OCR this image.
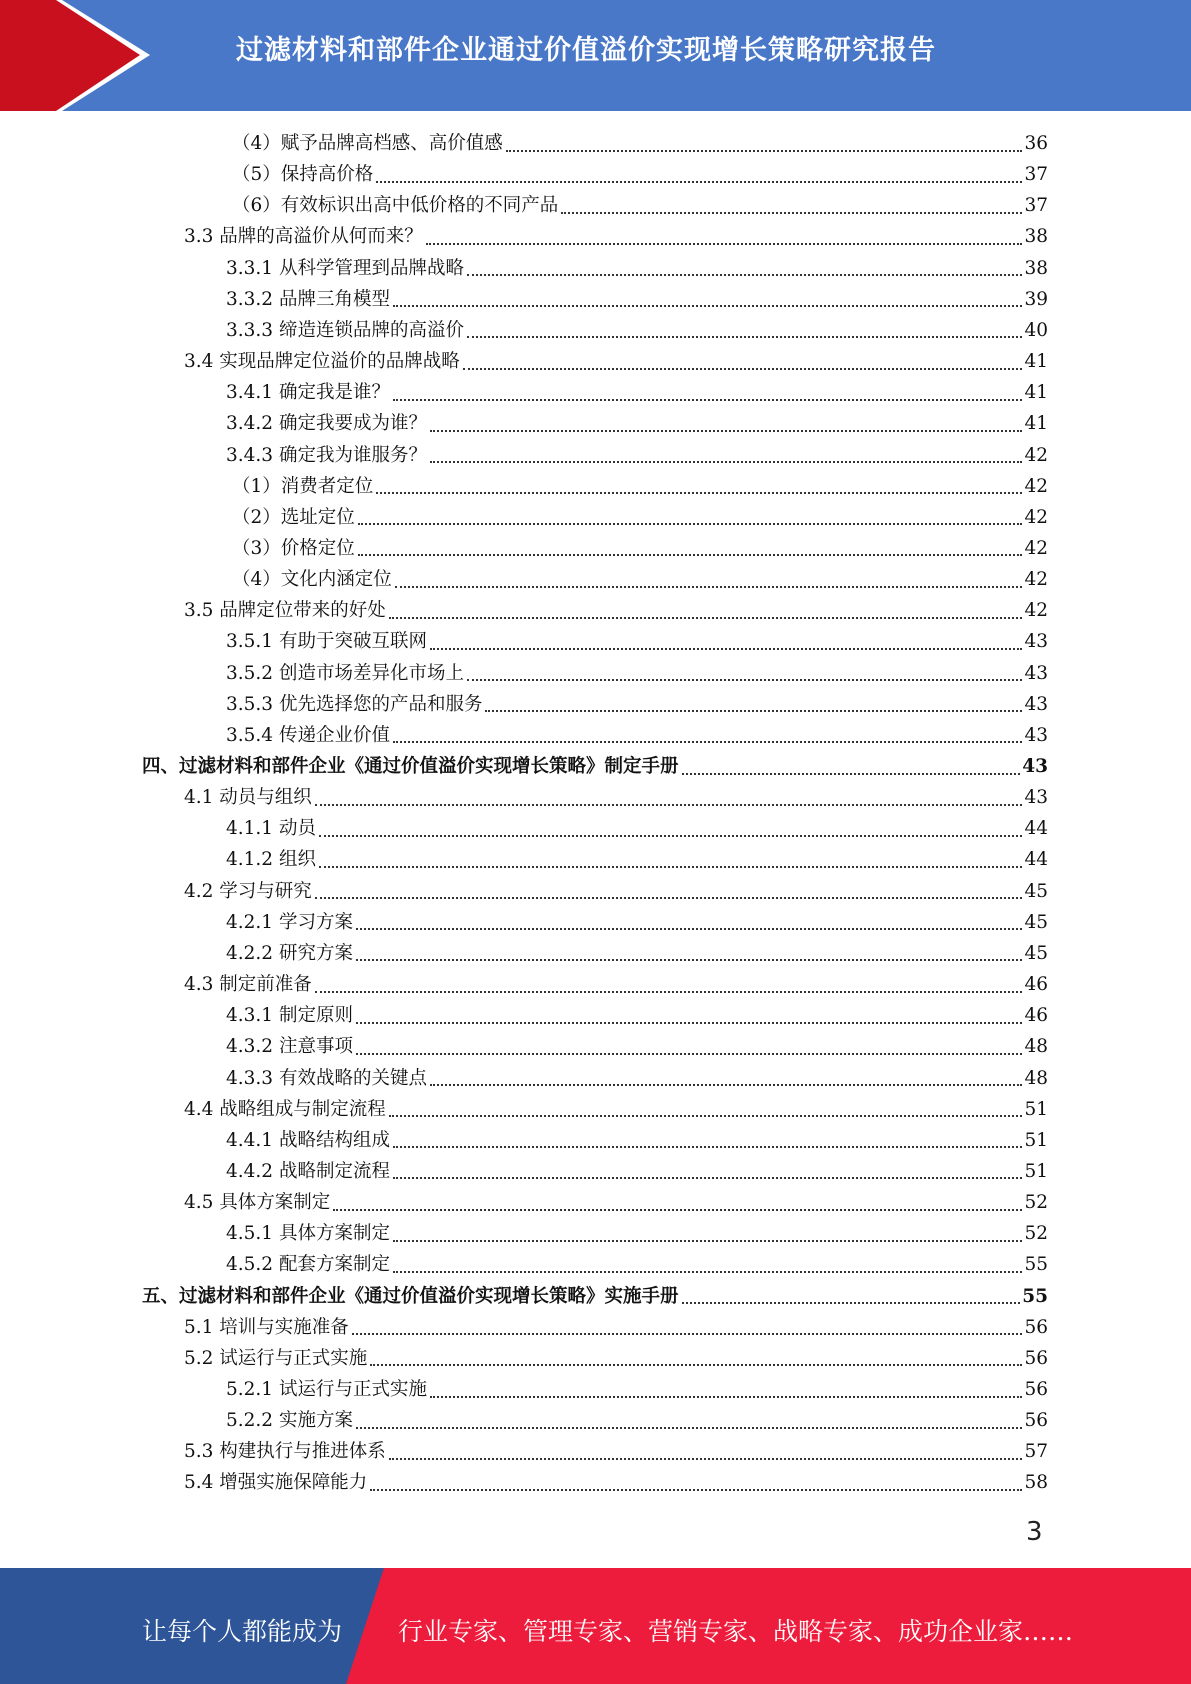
过滤材料和部件企业通过价值溢价实现增长策略研究报告
（4）赋予品牌高档感、高价值感	36
（5）保持高价格	37
（6）有效标识出高中低价格的不同产品	37
3.3 品牌的高溢价从何而来？	38
3.3.1 从科学管理到品牌战略	38
3.3.2 品牌三角模型	39
3.3.3 缔造连锁品牌的高溢价	40
3.4 实现品牌定位溢价的品牌战略	41
3.4.1 确定我是谁？	41
3.4.2 确定我要成为谁？	41
3.4.3 确定我为谁服务？	42
（1）消费者定位	42
（2）选址定位	42
（3）价格定位	42
（4）文化内涵定位	42
3.5 品牌定位带来的好处	42
3.5.1 有助于突破互联网	43
3.5.2 创造市场差异化市场上	43
3.5.3 优先选择您的产品和服务	43
3.5.4 传递企业价值	43
四、过滤材料和部件企业《通过价值溢价实现增长策略》制定手册	43
4.1 动员与组织	43
4.1.1 动员	44
4.1.2 组织	44
4.2 学习与研究	45
4.2.1 学习方案	45
4.2.2 研究方案	45
4.3 制定前准备	46
4.3.1 制定原则	46
4.3.2 注意事项	48
4.3.3 有效战略的关键点	48
4.4 战略组成与制定流程	51
4.4.1 战略结构组成	51
4.4.2 战略制定流程	51
4.5 具体方案制定	52
4.5.1 具体方案制定	52
4.5.2 配套方案制定	55
五、过滤材料和部件企业《通过价值溢价实现增长策略》实施手册	55
5.1 培训与实施准备	56
5.2 试运行与正式实施	56
5.2.1 试运行与正式实施	56
5.2.2 实施方案	56
5.3 构建执行与推进体系	57
5.4 增强实施保障能力	58
3
让每个人都能成为 行业专家、管理专家、营销专家、战略专家、成功企业家……
